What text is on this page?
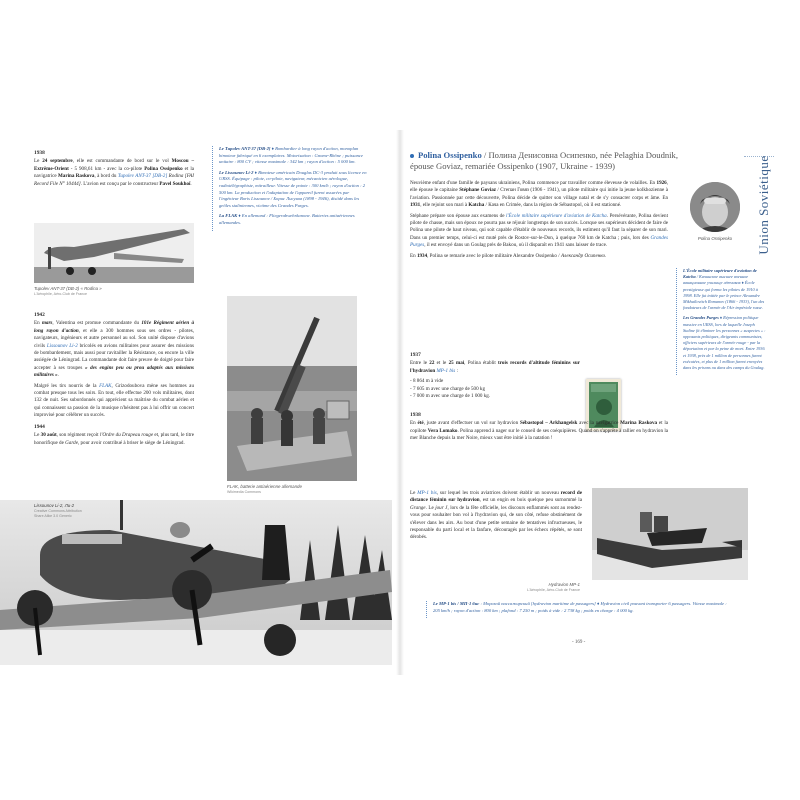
1938
Le 24 septembre, elle est commandante de bord sur le vol Moscou – Extrême-Orient - 5 908,61 km - avec la co-pilote Polina Ossipenko et la navigatrice Marina Raskova, à bord du Tupolev ANT-37 [DB-2] Rodina [FAI Record File N° 10444]. L'avion est conçu par le constructeur Pavel Soukhoï.
Tupolev ANT-37 (DB-2) « Rodina »
L'Aérophile, Aéro-Club de France
1942
En mars, Valentina est promue commandante du 101e Régiment aérien à long rayon d'action, et elle a 300 hommes sous ses ordres - pilotes, navigateurs, ingénieurs et autre personnel au sol. Son unité dispose d'avions civils Lissounov Li-2 bricolés en avions militaires pour assurer des missions de bombardement, mais aussi pour ravitailler la Résistance, ou encore la ville assiégée de Léningrad. La commandante doit faire preuve de doigté pour faire accepter à ses troupes « des engins peu ou prou adaptés aux missions militaires ».
Malgré les tirs nourris de la FLAK, Grizodoubova mène ses hommes au combat presque tous les soirs. En tout, elle effectue 200 vols militaires, dont 132 de nuit. Ses subordonnés qui apprécient sa maîtrise du combat aérien et qui connaissent sa passion de la musique n'hésitent pas à lui offrir un concert improvisé pour célébrer un succès.
1944
Le 30 août, son régiment reçoit l'Ordre du Drapeau rouge et, plus tard, le titre honorifique de Garde, pour avoir contribué à briser le siège de Léningrad.

Le Tupolev ANT-37 [DB-2] ♦ Bombardier à long rayon d'action, monoplan bimoteur fabriqué en 6 exemplaires. Motorisation : Gnome-Rhône ; puissance unitaire : 800 CV ; vitesse maximale : 342 km ; rayon d'action : 5 000 km.

Le Lissounov Li-2 ♦ Bimoteur américain Douglas DC-3 produit sous licence en URSS. Équipage : pilote, co-pilote, navigateur, mécanicien aérologue, radiotélégraphiste, mitrailleur. Vitesse de pointe : 300 km/h ; rayon d'action : 2 500 km. La production et l'adaptation de l'appareil furent assurées par l'ingénieur Boris Lissounov / Борис Лисунов (1898 - 1946), disiidé dans les geôles staliniennes, victime des Grandes Purges.

La FLAK ♦ En allemand : Fliegerabwehrkanone. Batteries antiaériennes allemandes.

FLAK, batterie antiaérienne allemande
Wikimedia Commons
Lissounov Li-2, Ли-2
Creative Commons Attribution
Share Alike 3.0 Generic
Polina Ossipenko / Полина Денисовна Осипенко, née Pelaghia Doudnik,
épouse Goviaz, remariée Ossipenko (1907, Ukraine - 1939)	Union Soviétique
Neuvième enfant d'une famille de paysans ukrainiens, Polina commence par travailler comme éleveuse de volailles. En 1926, elle épouse le capitaine Stéphane Goviaz / Степан Говяз (1906 - 1941), un pilote militaire qui initie la jeune kolkhozienne à l'aviation. Passionnée par cette découverte, Polina décide de quitter son village natal et de s'y consacrer corps et âme. En 1931, elle rejoint son mari à Katcha / Кача en Crimée, dans la région de Sébastopol, où il est stationné.
Stéphane prépare son épouse aux examens de l'École militaire supérieure d'aviation de Katcha. Persévérante, Polina devient pilote de chasse, mais son époux ne pourra pas se réjouir longtemps de son succès. Lorsque ses supérieurs décident de faire de Polina une pilote de haut niveau, qui soit capable d'établir de nouveaux records, ils estiment qu'il faut la séparer de son mari. Dans un premier temps, celui-ci est muté près de Rostov-sur-le-Don, à quelque 760 km de Katcha ; puis, lors des Grandes Purges, il est envoyé dans un Goulag près de Bakou, où il disparaît en 1941 sans laisser de trace.
En 1934, Polina se remarie avec le pilote militaire Alexandre Ossipenko / Александр Осипенко.
1937
Entre le 22 et le 25 mai, Polina établit trois records d'altitude féminins sur l'hydravion MP-1 bis :
- 8 864 m à vide
- 7 605 m avec une charge de 500 kg
- 7 000 m avec une charge de 1 000 kg.
1938
En été, juste avant d'effectuer un vol sur hydravion Sébastopol – Arkhangelsk avec la navigatrice Marina Raskova et la copilote Vera Lomako. Polina apprend à nager sur le conseil de ses coéquipières. Quand on s'apprête à rallier en hydravion la mer Blanche depuis la mer Noire, mieux vaut être initié à la natation !
Polina Ossipenko

L'École militaire supérieure d'aviation de Katcha / Качинское высшее военное авиационное училище лётчиков ♦ École prestigieuse qui forma les pilotes de 1910 à 1998. Elle fut initiée par le prince Alexandre Mikhaïlovitch Romanov (1866 - 1933), l'un des fondateurs de l'armée de l'Air impériale russe.

Les Grandes Purges ♦ Répression politique massive en URSS, lors de laquelle Joseph Staline fit éliminer les personnes « suspectes » : opposants politiques, dirigeants communistes, officiers supérieurs de l'armée rouge - par la déportation et par la peine de mort. Entre 1936 et 1938, près de 1 million de personnes furent exécutées, et plus de 1 million furent envoyées dans les prisons ou dans des camps du Goulag.

Le MP-1 bis, sur lequel les trois aviatrices doivent établir un nouveau record de distance féminin sur hydravion, est un engin en bois quelque peu surnommé la Grange. Le jour J, lors de la fête officielle, les discours enflammés sont au rendez-vous pour souhaiter bon vol à l'hydravion qui, de son côté, refuse obstinément de s'élever dans les airs. Au bout d'une petite semaine de tentatives infructueuses, le responsable du parti local et la fanfare, découragés par les échecs répétés, se sont dérobés.
Hydravion MP-1
L'Aérophile, Aéro-Club de France

Le MP-1 bis / МП-1 бис : Морской пассажирский [hydravion maritime de passagers] ♦ Hydravion civil pouvant transporter 6 passagers. Vitesse maximale : 205 km/h ; rayon d'action : 800 km ; plafond : 7 250 m ; poids à vide : 2 738 kg ; poids en charge : 4 000 kg.

- 169 -
